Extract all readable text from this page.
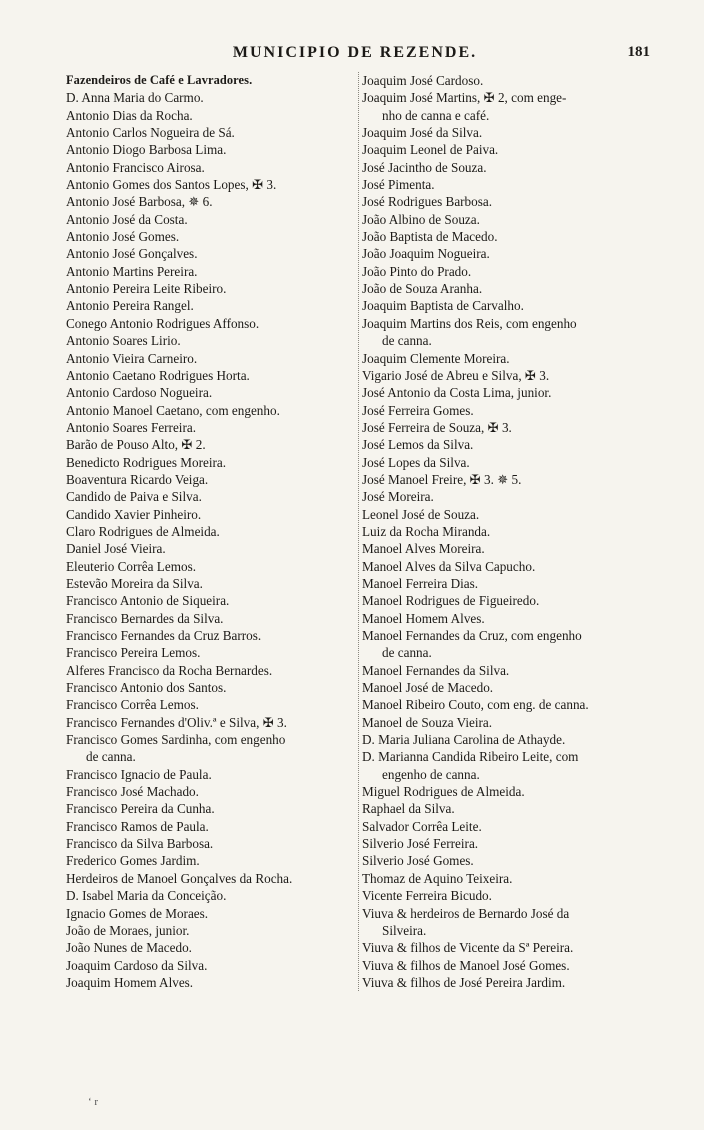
MUNICIPIO DE REZENDE.	181
Fazendeiros de Café e Lavradores.
D. Anna Maria do Carmo.
Antonio Dias da Rocha.
Antonio Carlos Nogueira de Sá.
Antonio Diogo Barbosa Lima.
Antonio Francisco Airosa.
Antonio Gomes dos Santos Lopes, ✠ 3.
Antonio José Barbosa, ✵ 6.
Antonio José da Costa.
Antonio José Gomes.
Antonio José Gonçalves.
Antonio Martins Pereira.
Antonio Pereira Leite Ribeiro.
Antonio Pereira Rangel.
Conego Antonio Rodrigues Affonso.
Antonio Soares Lirio.
Antonio Vieira Carneiro.
Antonio Caetano Rodrigues Horta.
Antonio Cardoso Nogueira.
Antonio Manoel Caetano, com engenho.
Antonio Soares Ferreira.
Barão de Pouso Alto, ✠ 2.
Benedicto Rodrigues Moreira.
Boaventura Ricardo Veiga.
Candido de Paiva e Silva.
Candido Xavier Pinheiro.
Claro Rodrigues de Almeida.
Daniel José Vieira.
Eleuterio Corrêa Lemos.
Estevão Moreira da Silva.
Francisco Antonio de Siqueira.
Francisco Bernardes da Silva.
Francisco Fernandes da Cruz Barros.
Francisco Pereira Lemos.
Alferes Francisco da Rocha Bernardes.
Francisco Antonio dos Santos.
Francisco Corrêa Lemos.
Francisco Fernandes d'Oliv.ª e Silva, ✠ 3.
Francisco Gomes Sardinha, com engenho
de canna.
Francisco Ignacio de Paula.
Francisco José Machado.
Francisco Pereira da Cunha.
Francisco Ramos de Paula.
Francisco da Silva Barbosa.
Frederico Gomes Jardim.
Herdeiros de Manoel Gonçalves da Rocha.
D. Isabel Maria da Conceição.
Ignacio Gomes de Moraes.
João de Moraes, junior.
João Nunes de Macedo.
Joaquim Cardoso da Silva.
Joaquim Homem Alves.
Joaquim José Cardoso.
Joaquim José Martins, ✠ 2, com enge-
nho de canna e café.
Joaquim José da Silva.
Joaquim Leonel de Paiva.
José Jacintho de Souza.
José Pimenta.
José Rodrigues Barbosa.
João Albino de Souza.
João Baptista de Macedo.
João Joaquim Nogueira.
João Pinto do Prado.
João de Souza Aranha.
Joaquim Baptista de Carvalho.
Joaquim Martins dos Reis, com engenho
de canna.
Joaquim Clemente Moreira.
Vigario José de Abreu e Silva, ✠ 3.
José Antonio da Costa Lima, junior.
José Ferreira Gomes.
José Ferreira de Souza, ✠ 3.
José Lemos da Silva.
José Lopes da Silva.
José Manoel Freire, ✠ 3. ✵ 5.
José Moreira.
Leonel José de Souza.
Luiz da Rocha Miranda.
Manoel Alves Moreira.
Manoel Alves da Silva Capucho.
Manoel Ferreira Dias.
Manoel Rodrigues de Figueiredo.
Manoel Homem Alves.
Manoel Fernandes da Cruz, com engenho
de canna.
Manoel Fernandes da Silva.
Manoel José de Macedo.
Manoel Ribeiro Couto, com eng. de canna.
Manoel de Souza Vieira.
D. Maria Juliana Carolina de Athayde.
D. Marianna Candida Ribeiro Leite, com
engenho de canna.
Miguel Rodrigues de Almeida.
Raphael da Silva.
Salvador Corrêa Leite.
Silverio José Ferreira.
Silverio José Gomes.
Thomaz de Aquino Teixeira.
Vicente Ferreira Bicudo.
Viuva & herdeiros de Bernardo José da
Silveira.
Viuva & filhos de Vicente da Sª Pereira.
Viuva & filhos de Manoel José Gomes.
Viuva & filhos de José Pereira Jardim.
‘ r
